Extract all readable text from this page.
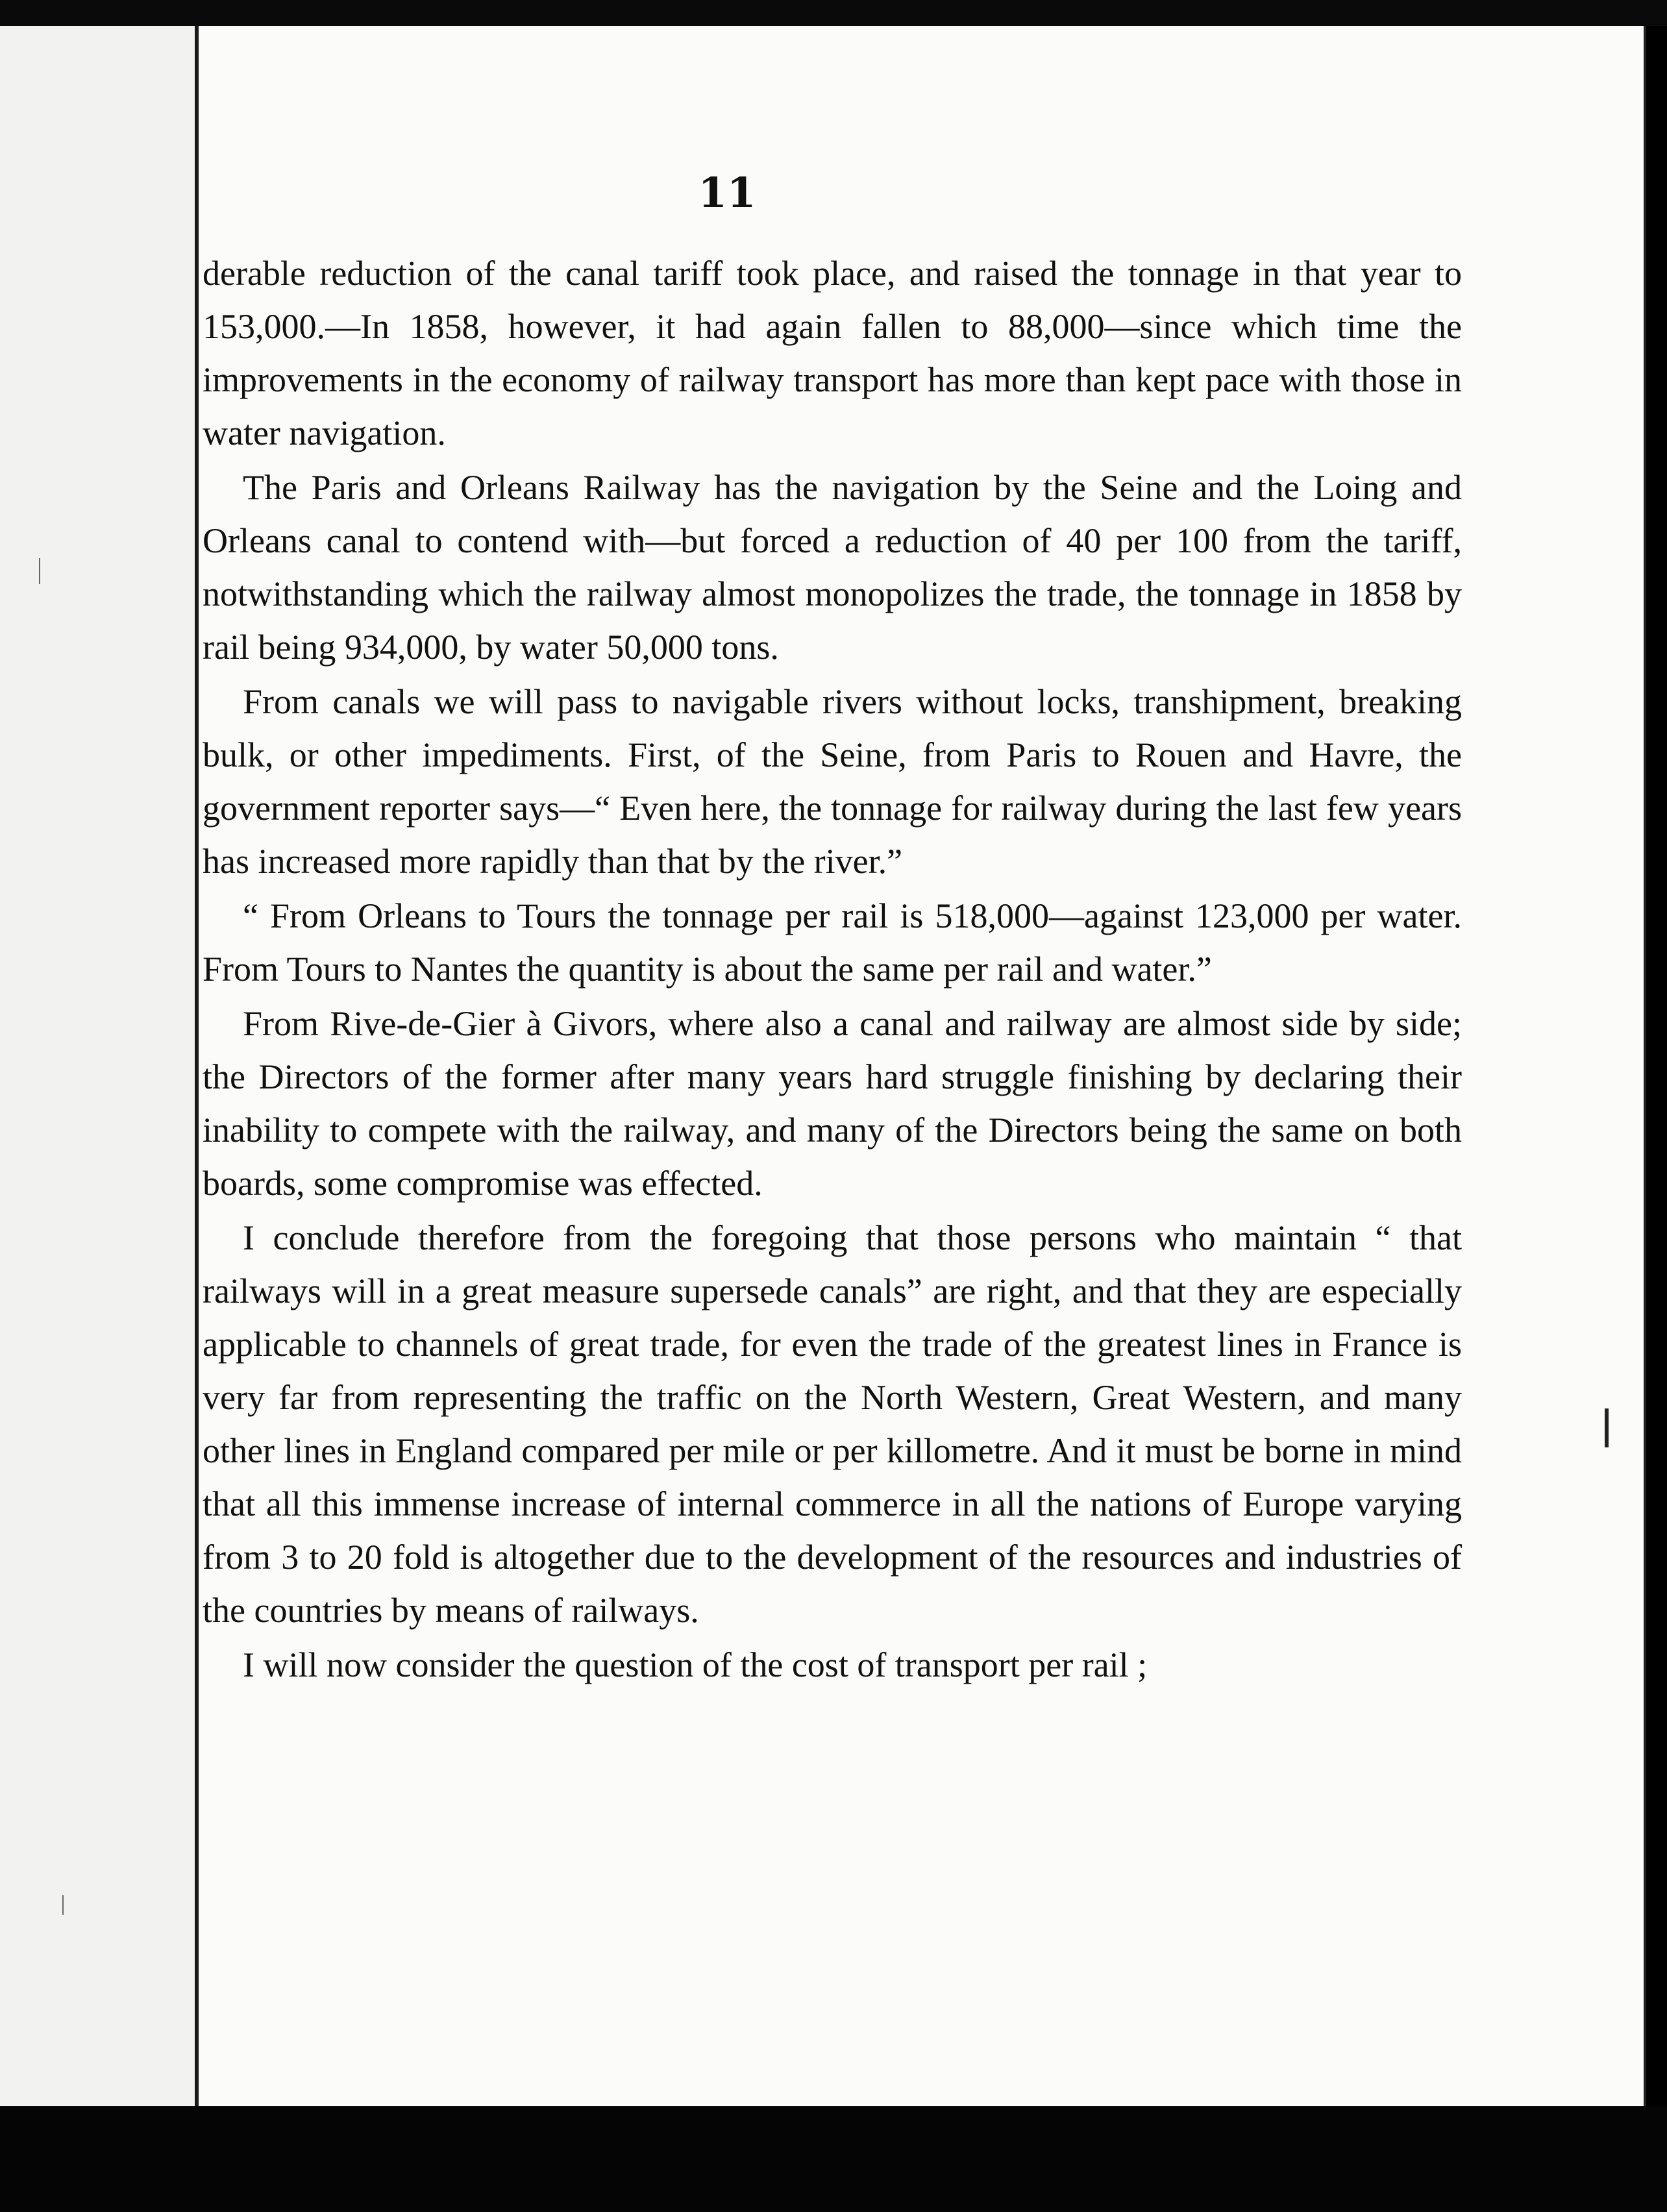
11

derable reduction of the canal tariff took place, and raised the tonnage in that year to 153,000.—In 1858, however, it had again fallen to 88,000—since which time the improvements in the economy of railway transport has more than kept pace with those in water navigation.

The Paris and Orleans Railway has the navigation by the Seine and the Loing and Orleans canal to contend with—but forced a reduction of 40 per 100 from the tariff, notwithstanding which the railway almost monopolizes the trade, the tonnage in 1858 by rail being 934,000, by water 50,000 tons.

From canals we will pass to navigable rivers without locks, transhipment, breaking bulk, or other impediments. First, of the Seine, from Paris to Rouen and Havre, the government reporter says—“ Even here, the tonnage for railway during the last few years has increased more rapidly than that by the river.”

“ From Orleans to Tours the tonnage per rail is 518,000—against 123,000 per water. From Tours to Nantes the quantity is about the same per rail and water.”

From Rive-de-Gier à Givors, where also a canal and railway are almost side by side; the Directors of the former after many years hard struggle finishing by declaring their inability to compete with the railway, and many of the Directors being the same on both boards, some compromise was effected.

I conclude therefore from the foregoing that those persons who maintain “ that railways will in a great measure supersede canals” are right, and that they are especially applicable to channels of great trade, for even the trade of the greatest lines in France is very far from representing the traffic on the North Western, Great Western, and many other lines in England compared per mile or per killometre. And it must be borne in mind that all this immense increase of internal commerce in all the nations of Europe varying from 3 to 20 fold is altogether due to the development of the resources and industries of the countries by means of railways.

I will now consider the question of the cost of transport per rail ;
